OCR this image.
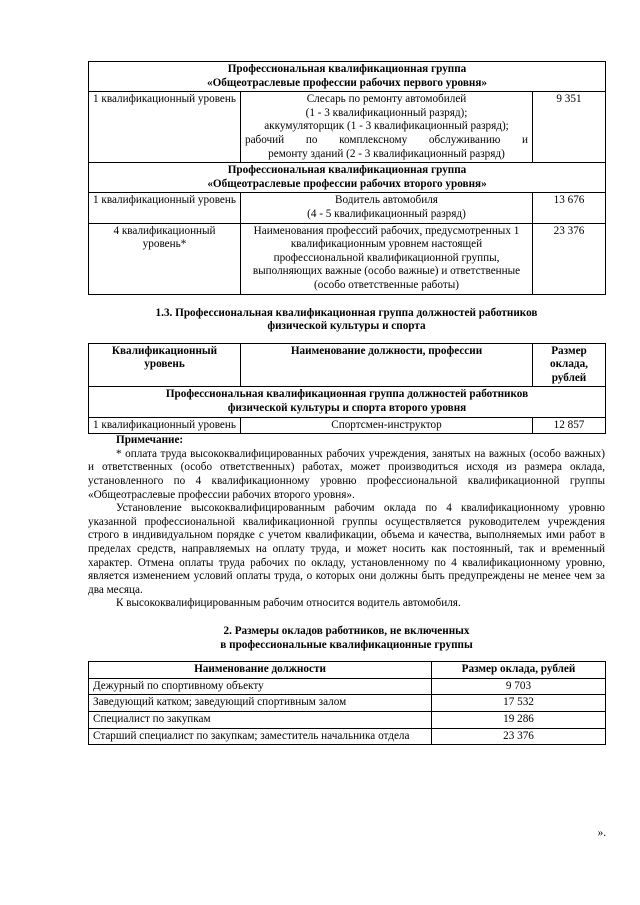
Профессиональная квалификационная группа
«Общеотраслевые профессии рабочих первого уровня»		

1 квалификационный уровень	Слесарь по ремонту автомобилей
(1 - 3 квалификационный разряд);
аккумуляторщик (1 - 3 квалификационный разряд);
рабочий по комплексному обслуживанию и
ремонту зданий (2 - 3 квалификационный разряд)	9 351

Профессиональная квалификационная группа
«Общеотраслевые профессии рабочих второго уровня»		

1 квалификационный уровень	Водитель автомобиля
(4 - 5 квалификационный разряд)	13 676
4 квалификационный уровень*	Наименования профессий рабочих, предусмотренных 1 квалификационным уровнем настоящей профессиональной квалификационной группы, выполняющих важные (особо важные) и ответственные (особо ответственные работы)	23 376
1.3. Профессиональная квалификационная группа должностей работников
физической культуры и спорта
Квалификационный уровень	Наименование должности, профессии	Размер оклада, рублей

Профессиональная квалификационная группа должностей работников
физической культуры и спорта второго уровня		

1 квалификационный уровень	Спортсмен-инструктор	12 857
Примечание:

* оплата труда высококвалифицированных рабочих учреждения, занятых на важных (особо важных) и ответственных (особо ответственных) работах, может производиться исходя из размера оклада, установленного по 4 квалификационному уровню профессиональной квалификационной группы «Общеотраслевые профессии рабочих второго уровня».

Установление высококвалифицированным рабочим оклада по 4 квалификационному уровню указанной профессиональной квалификационной группы осуществляется руководителем учреждения строго в индивидуальном порядке с учетом квалификации, объема и качества, выполняемых ими работ в пределах средств, направляемых на оплату труда, и может носить как постоянный, так и временный характер. Отмена оплаты труда рабочих по окладу, установленному по 4 квалификационному уровню, является изменением условий оплаты труда, о которых они должны быть предупреждены не менее чем за два месяца.

К высококвалифицированным рабочим относится водитель автомобиля.

2. Размеры окладов работников, не включенных
в профессиональные квалификационные группы
Наименование должности	Размер оклада, рублей
Дежурный по спортивному объекту	9 703
Заведующий катком; заведующий спортивным залом	17 532
Специалист по закупкам	19 286
Старший специалист по закупкам; заместитель начальника отдела	23 376
».
